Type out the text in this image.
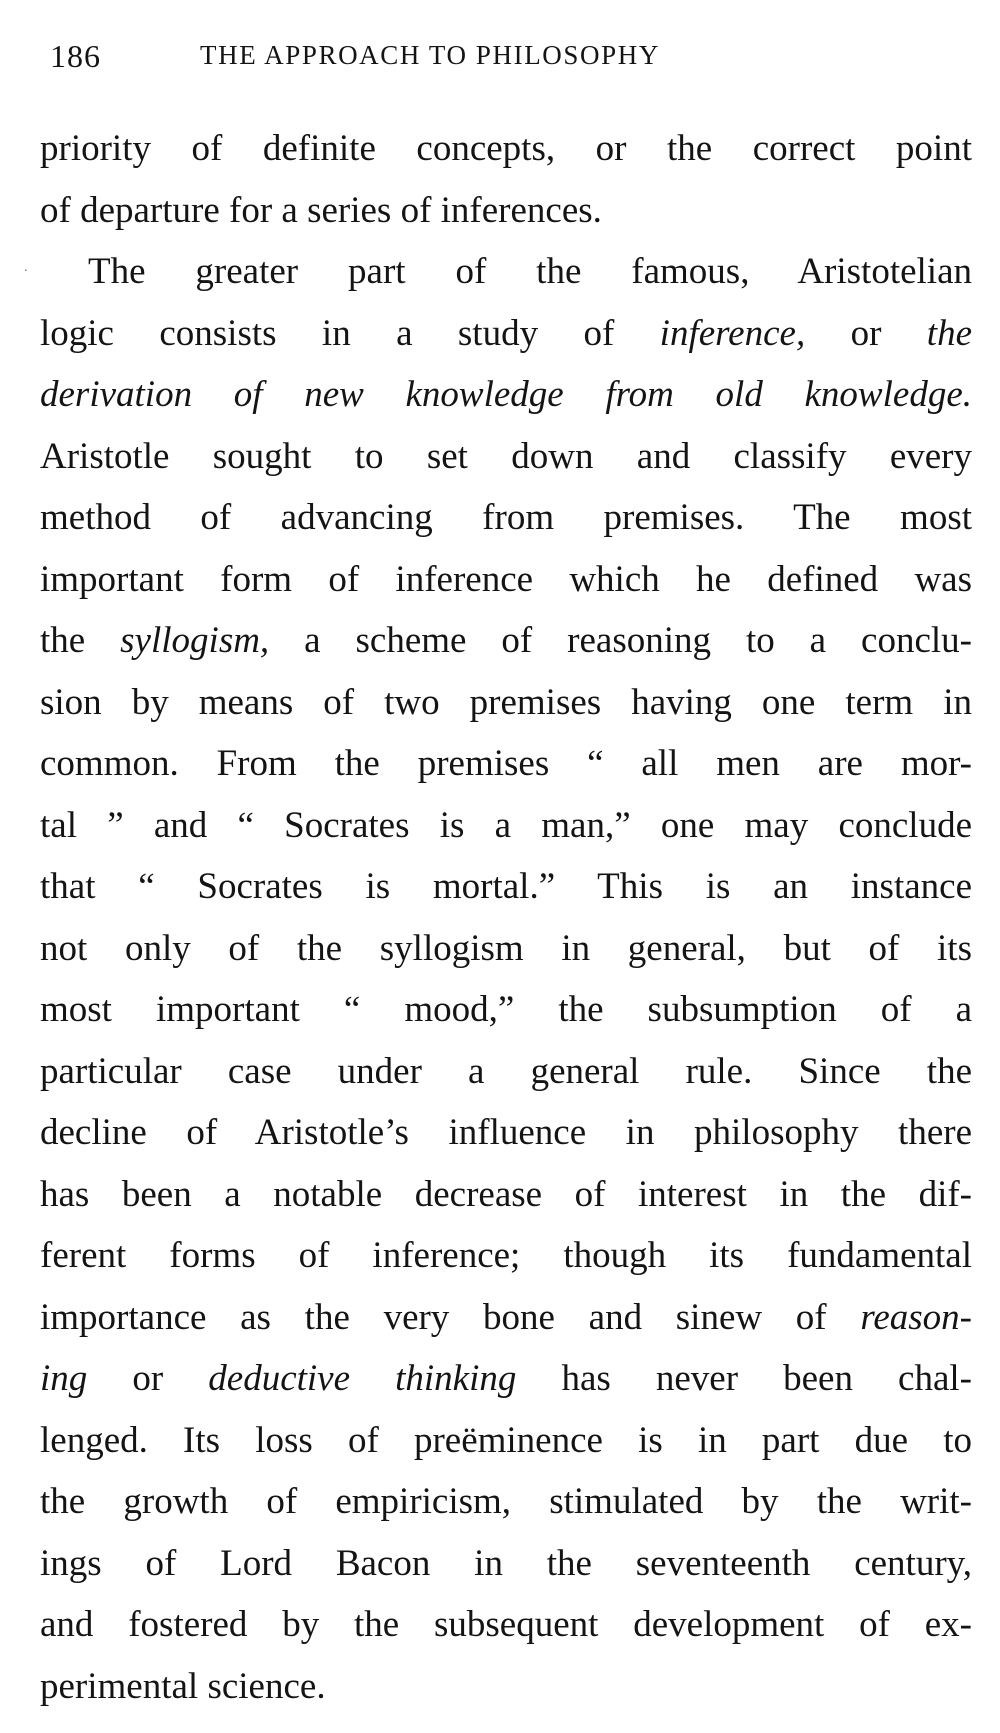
186	THE APPROACH TO PHILOSOPHY
.
priority of definite concepts, or the correct point
of departure for a series of inferences.
The greater part of the famous, Aristotelian
logic consists in a study of inference, or the
derivation of new knowledge from old knowledge.
Aristotle sought to set down and classify every
method of advancing from premises. The most
important form of inference which he defined was
the syllogism, a scheme of reasoning to a conclu-
sion by means of two premises having one term in
common. From the premises “ all men are mor-
tal ” and “ Socrates is a man,” one may conclude
that “ Socrates is mortal.” This is an instance
not only of the syllogism in general, but of its
most important “ mood,” the subsumption of a
particular case under a general rule. Since the
decline of Aristotle’s influence in philosophy there
has been a notable decrease of interest in the dif-
ferent forms of inference; though its fundamental
importance as the very bone and sinew of reason-
ing or deductive thinking has never been chal-
lenged. Its loss of preëminence is in part due to
the growth of empiricism, stimulated by the writ-
ings of Lord Bacon in the seventeenth century,
and fostered by the subsequent development of ex-
perimental science.
